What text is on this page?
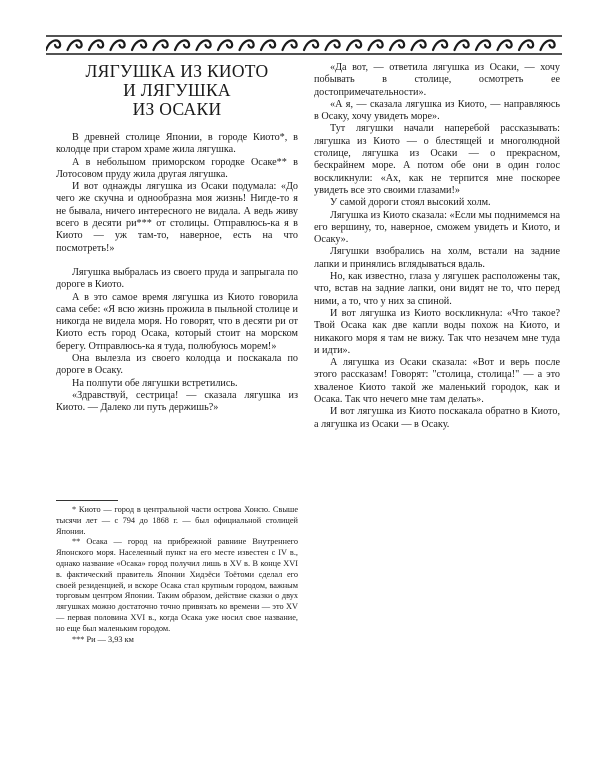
ЛЯГУШКА ИЗ КИОТО
И ЛЯГУШКА
ИЗ ОСАКИ

В древней столице Японии, в городе Киото*, в колодце при старом храме жила лягушка.

А в небольшом приморском городке Осаке** в Лотосовом пруду жила другая лягушка.

И вот однажды лягушка из Осаки подумала: «До чего же скучна и однообразна моя жизнь! Нигде-то я не бывала, ничего интересного не видала. А ведь живу всего в десяти ри*** от столицы. Отправлюсь-ка я в Киото — уж там-то, наверное, есть на что посмотреть!»

Лягушка выбралась из своего пруда и запрыгала по дороге в Киото.

А в это самое время лягушка из Киото говорила сама себе: «Я всю жизнь прожила в пыльной столице и никогда не видела моря. Но говорят, что в десяти ри от Киото есть город Осака, который стоит на морском берегу. Отправлюсь-ка я туда, полюбуюсь морем!»

Она вылезла из своего колодца и поскакала по дороге в Осаку.

На полпути обе лягушки встретились.

«Здравствуй, сестрица! — сказала лягушка из Киото. — Далеко ли путь держишь?»

«Да вот, — ответила лягушка из Осаки, — хочу побывать в столице, осмотреть ее достопримечательности».

«А я, — сказала лягушка из Киото, — направляюсь в Осаку, хочу увидеть море».

Тут лягушки начали наперебой рассказывать: лягушка из Киото — о блестящей и многолюдной столице, лягушка из Осаки — о прекрасном, бескрайнем море. А потом обе они в один голос воскликнули: «Ах, как не терпится мне поскорее увидеть все это своими глазами!»

У самой дороги стоял высокий холм.

Лягушка из Киото сказала: «Если мы поднимемся на его вершину, то, наверное, сможем увидеть и Киото, и Осаку».

Лягушки взобрались на холм, встали на задние лапки и принялись вглядываться вдаль.

Но, как известно, глаза у лягушек расположены так, что, встав на задние лапки, они видят не то, что перед ними, а то, что у них за спиной.

И вот лягушка из Киото воскликнула: «Что такое? Твой Осака как две капли воды похож на Киото, и никакого моря я там не вижу. Так что незачем мне туда и идти».

А лягушка из Осаки сказала: «Вот и верь после этого рассказам! Говорят: "столица, столица!" — а это хваленое Киото такой же маленький городок, как и Осака. Так что нечего мне там делать».

И вот лягушка из Киото поскакала обратно в Киото, а лягушка из Осаки — в Осаку.

* Киото — город в центральной части острова Хонсю. Свыше тысячи лет — с 794 до 1868 г. — был официальной столицей Японии.

** Осака — город на прибрежной равнине Внутреннего Японского моря. Населенный пункт на его месте известен с IV в., однако название «Осака» город получил лишь в XV в. В конце XVI в. фактический правитель Японии Хидэёси Тоётоми сделал его своей резиденцией, и вскоре Осака стал крупным городом, важным торговым центром Японии. Таким образом, действие сказки о двух лягушках можно достаточно точно привязать ко времени — это XV — первая половина XVI в., когда Осака уже носил свое название, но еще был маленьким городом.

*** Ри — 3,93 км
